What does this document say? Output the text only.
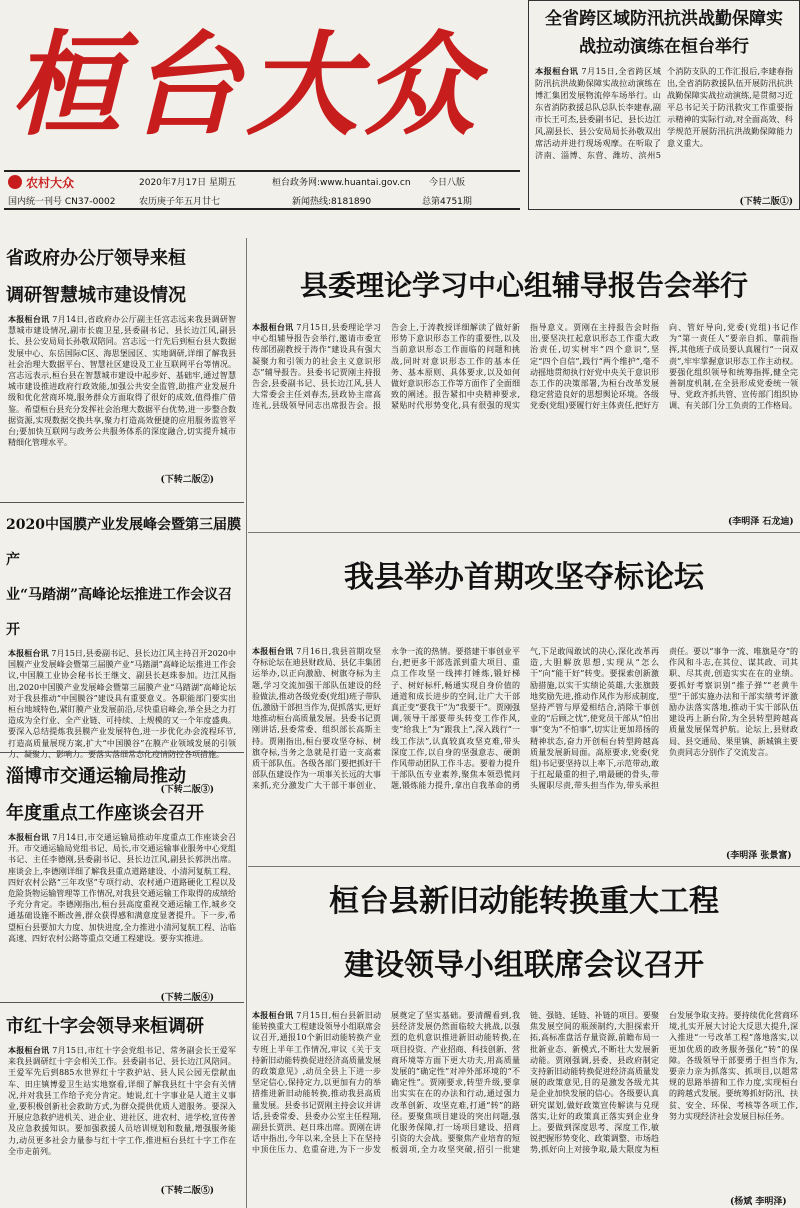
桓台大众
农村大众
国内统一刊号 CN37-0002
2020年7月17日 星期五
农历庚子年五月廿七
桓台政务网:www.huantai.gov.cn
新闻热线:8181890
今日八版
总第4751期
全省跨区域防汛抗洪战勤保障实战拉动演练在桓台举行
本报桓台讯 7月15日,全省跨区域防汛抗洪战勤保障实战拉动演练在博汇集团发展物流停车场举行。山东省消防救援总队总队长李建春,副市长王可杰,县委副书记、县长边江风,副县长、县公安局局长孙敬双出席活动并进行现场观摩。在听取了济南、淄博、东营、潍坊、滨州5个消防支队的工作汇报后,李建春指出,全省消防救援队伍开展防汛抗洪战勤保障实战拉动演练,是贯彻习近平总书记关于防汛救灾工作重要指示精神的实际行动,对全面高效、科学规范开展防汛抗洪战勤保障能力意义重大。
(下转二版①)
省政府办公厅领导来桓
调研智慧城市建设情况
本报桓台讯 7月14日,省政府办公厅副主任宫志远来我县调研智慧城市建设情况,副市长鹿卫星,县委副书记、县长边江风,副县长、县公安局局长孙敬双陪同。宫志远一行先后到桓台县大数据发展中心、东岳国际C区、海思堡园区、实地调研,详细了解我县社会治理大数据平台、智慧社区建设及工业互联网平台等情况。宫志远表示,桓台县在智慧城市建设中起步好、基础牢,通过智慧城市建设推进政府行政效能,加强公共安全监管,助推产业发展升级和优化营商环境,服务群众方面取得了很好的成效,值得推广借鉴。希望桓台县充分发挥社会治理大数据平台优势,进一步整合数据资源,实现数据交换共享,聚力打造高效便捷的应用服务监管平台;要加快互联网与政务公共服务体系的深度融合,切实提升城市精细化管理水平。
(下转二版②)
2020中国膜产业发展峰会暨第三届膜产
业“马踏湖”高峰论坛推进工作会议召开
本报桓台讯 7月15日,县委副书记、县长边江风主持召开2020中国膜产业发展峰会暨第三届膜产业“马踏湖”高峰论坛推进工作会议,中国膜工业协会秘书长王继文、副县长赵珠参加。边江风指出,2020中国膜产业发展峰会暨第三届膜产业“马踏湖”高峰论坛对于我县推动“中国膜谷”建设具有重要意义。各职能部门要实出桓台地域特色,紧盯膜产业发展前沿,尽快重启峰会,举全县之力打造成为全行业、全产业链、可持续、上规模的又一个年度盛典。要深入总结提炼我县膜产业发展特色,进一步优化办会流程环节,打造高质量展现方案,扩大“中国膜谷”在膜产业领域发展的引领力、凝聚力、影响力。要落实落细常态化疫情防控各项措施。
(下转二版③)
淄博市交通运输局推动
年度重点工作座谈会召开
本报桓台讯 7月14日,市交通运输局推动年度重点工作座谈会召开。市交通运输局党组书记、局长,市交通运输事业服务中心党组书记、主任李德刚,县委副书记、县长边江风,副县长郭洪出席。座谈会上,李德刚详细了解我县重点道路建设、小清河复航工程、四好农村公路“三年攻坚”专项行动、农村通户道路硬化工程以及危险货物运输管理等工作情况,对我县交通运输工作取得的成绩给予充分肯定。李德刚指出,桓台县高度重视交通运输工作,城乡交通基础设施不断改善,群众获得感和满意度显著提升。下一步,希望桓台县要加大力度、加快进度,全力推进小清河复航工程、沾临高速、四好农村公路等重点交通工程建设。要夯实推进。
(下转二版④)
市红十字会领导来桓调研
本报桓台讯 7月15日,市红十字会党组书记、常务副会长王爱军来我县调研红十字会相关工作。县委副书记、县长边江风陪同。王爱军先后到885水世界红十字救护站、县人民公园无偿献血车、田庄镇博爱卫生站实地察看,详细了解我县红十字会有关情况,并对我县工作给予充分肯定。她说,红十字事业是人道主义事业,要积极创新社会救助方式,为群众提供优质人道服务。要深入开展应急救护进机关、进企业、进社区、进农村、进学校,宣传普及应急救援知识。要加强救援人员培训规划和数量,增强服务能力,动员更多社会力量参与红十字工作,推进桓台县红十字工作在全市走前列。
(下转二版⑤)
县委理论学习中心组辅导报告会举行
本报桓台讯 7月15日,县委理论学习中心组辅导报告会举行,邀请市委宣传部团副教授于涛作“建设具有强大凝聚力和引领力的社会主义意识形态”辅导报告。县委书记贾刚主持报告会,县委副书记、县长边江风,县人大常委会主任刘春杰,县政协主席高连礼,县级领导同志出席报告会。报告会上,于涛教授详细解读了做好新形势下意识形态工作的重要性,以及当前意识形态工作面临的问题和挑战,同时对意识形态工作的基本任务、基本原则、具体要求,以及如何做好意识形态工作等方面作了全面细致的阐述。报告紧扣中央精神要求,紧贴时代形势变化,具有很强的现实指导意义。贾刚在主持报告会时指出,要坚决扛起意识形态工作重大政治责任,切实树牢“四个意识”,坚定“四个自信”,践行“两个维护”,毫不动摇地贯彻执行好党中央关于意识形态工作的决策部署,为桓台改革发展稳定营造良好的思想舆论环境。各级党委(党组)要履行好主体责任,把好方向、管好导向,党委(党组)书记作为“第一责任人”要亲自抓、靠前指挥,其他班子成员要认真履行“一岗双责”,牢牢掌握意识形态工作主动权。要强化组织领导和统筹指挥,健全完善制度机制,在全县形成党委统一领导、党政齐抓共管、宣传部门组织协调、有关部门分工负责的工作格局。
(李明泽 石龙迪)
我县举办首期攻坚夺标论坛
本报桓台讯 7月16日,我县首期攻坚夺标论坛在迪县财政局、县亿丰集团运举办,以正向激励、树旗夺标为主题,学习交流加强干部队伍建设的经验做法,推动各级党委(党组)班子带队伍,激励干部担当作为,促抓落实,更好地推动桓台高质量发展。县委书记贾刚讲话,县委常委、组织部长高斯主持。贾刚指出,桓台要攻坚夺标、树旗夺标,当务之急就是打造一支高素质干部队伍。各级各部门要把抓好干部队伍建设作为一项事关长远的大事来抓,充分激发广大干部干事创业、永争一流的热情。要搭建干事创业平台,把更多干部选派到重大项目、重点工作攻坚一线摔打锤炼,锻好梯子、树好标杆,畅通实现自身价值的通道和成长进步的空间,让广大干部真正变“要我干”为“我要干”。贾刚强调,领导干部要带头转变工作作风,变“给我上”为“跟我上”,深入践行“一线工作法”,认真较真攻坚克难,带头深度工作,以自身的坚强意志、硬朗作风带动团队工作斗志。要着力提升干部队伍专业素养,聚焦本领恐慌问题,锻炼能力提升,拿出自我革命的勇气,下足敢闯敢试的决心,深化改革再造,大胆解放思想,实现从“怎么干”向“能干好”转变。要探索创新激励措施,以实干实绩论英雄,大张旗鼓地奖励先进,推动作风作为形成制度,坚持严管与厚爱相结合,消除干事创业的“后顾之忧”,使党员干部从“怕出事”变为“不怕事”,切实让更加昂扬的精神状态,奋力开创桓台转型跨越高质量发展新局面。高原要求,党委(党组)书记要坚持以上率下,示范带动,敢于扛起最重的担子,啃最硬的骨头,带头履职尽责,带头担当作为,带头承担责任。要以“事争一流、唯旗是夺”的作风和斗志,在其位、谋其政、司其职、尽其责,创造实实在在的业绩。要抓好考察识别“推子弹”“老黄牛型”干部实施办法和干部实绩考评激励办法落实落地,推动干实干部队伍建设再上新台阶,为全县转型跨越高质量发展保驾护航。论坛上,县财政局、县交通局、果里镇、新城镇主要负责同志分别作了交流发言。
(李明泽 张景富)
桓台县新旧动能转换重大工程
建设领导小组联席会议召开
本报桓台讯 7月15日,桓台县新旧动能转换重大工程建设领导小组联席会议召开,通报10个新旧动能转换产业专班上半年工作情况,审议《关于支持新旧动能转换促进经济高质量发展的政策意见》,动员全县上下进一步坚定信心,保持定力,以更加有力的举措推进新旧动能转换,推动我县高质量发展。县委书记贾刚主持会议并讲话,县委常委、县委办公室主任程翔,副县长贾洪、赵日珠出席。贾刚在讲话中指出,今年以来,全县上下在坚持中顶住压力、危重奋进,为下一步发展奠定了坚实基础。要清醒看到,我县经济发展仍然面临较大挑战,以强烈的危机意识推进新旧动能转换,在项目投资、产业招商、科技创新、营商环境等方面下更大功夫,用高质量发展的“确定性”对冲外部环境的“不确定性”。贾刚要求,转型升级,要拿出实实在在的办法和行动,通过强力改革创新、攻坚克难,打通“转”的路径。要聚焦项目建设的突出问题,强化服务保障,打一场项目建设、招商引资的大会战。要聚焦产业培育的短板弱项,全力攻坚突破,招引一批建链、强链、延链、补链的项目。要聚焦发展空间的瓶颈制约,大胆探索开拓,高标准盘活存量资源,前瞻布局一批新业态、新模式,不断壮大发展新动能。贾刚强调,县委、县政府制定支持新旧动能转换促进经济高质量发展的政策意见,目的是激发各级尤其是企业加快发展的信心。各级要认真研究谋划,做好政策宣传解读与兑现落实,让好的政策真正落实到企业身上。要做到深度思考、深度工作,敏锐把握形势变化、政策调整、市场趋势,抓好向上对接争取,最大限度为桓台发展争取支持。要持续优化营商环境,扎实开展大讨论大反思大提升,深入推进“一号改革工程”落地落实,以更加优质的政务服务强化“转”的保障。各级领导干部要勇于担当作为,要亲力亲为抓落实、抓项目,以超常规的思路举措和工作力度,实现桓台的跨越式发展。要统筹抓好防汛、扶贫、安全、环保、考核等各项工作,努力实现经济社会发展目标任务。
(杨斌 李明泽)
